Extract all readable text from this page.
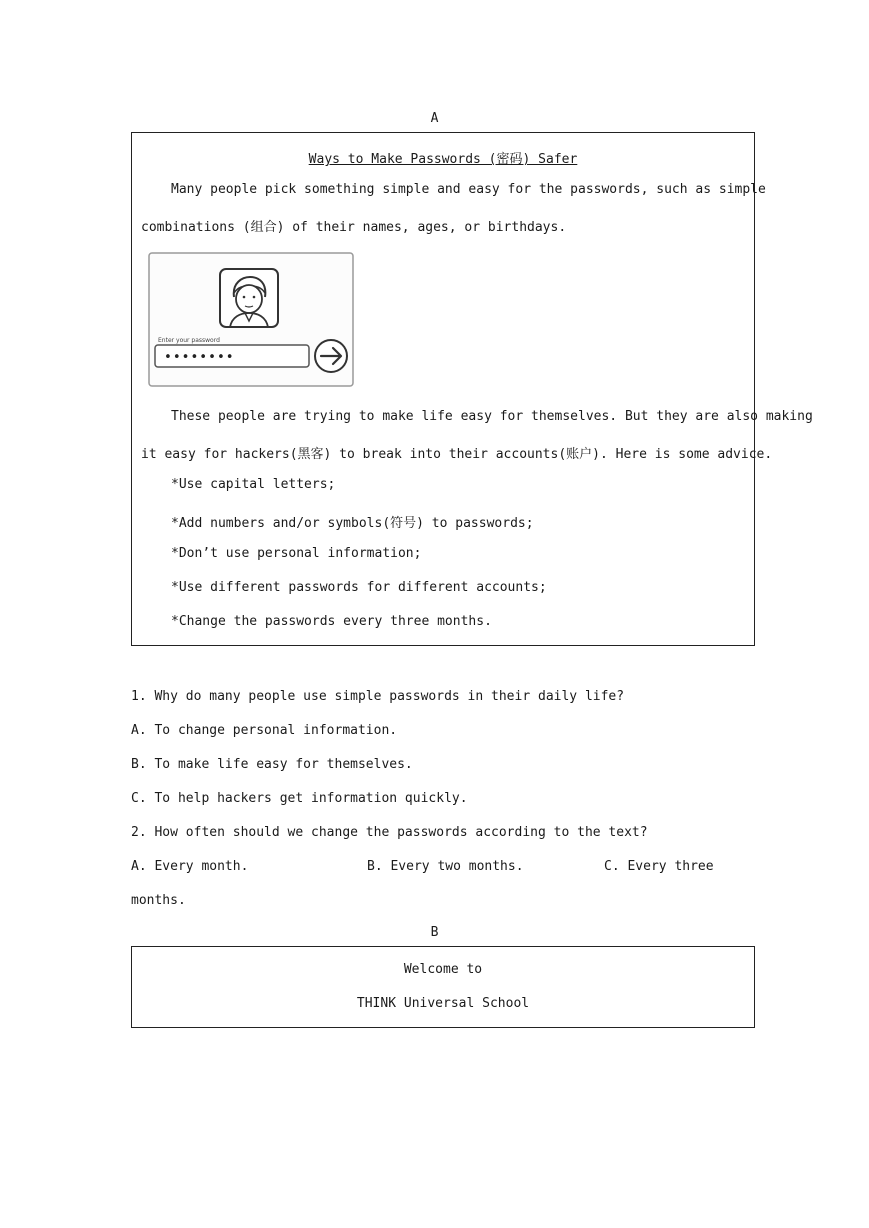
A
Ways to Make Passwords (密码) Safer
Many people pick something simple and easy for the passwords, such as simple
combinations (组合) of their names, ages, or birthdays.
Enter your password
••••••••
These people are trying to make life easy for themselves. But they are also making
it easy for hackers(黑客) to break into their accounts(账户). Here is some advice.
*Use capital letters;
*Add numbers and/or symbols(符号) to passwords;
*Don’t use personal information;
*Use different passwords for different accounts;
*Change the passwords every three months.
1. Why do many people use simple passwords in their daily life?
A. To change personal information.
B. To make life easy for themselves.
C. To help hackers get information quickly.
2. How often should we change the passwords according to the text?
A. Every month.	B. Every two months.	C. Every three
months.
B
Welcome to
THINK Universal School
